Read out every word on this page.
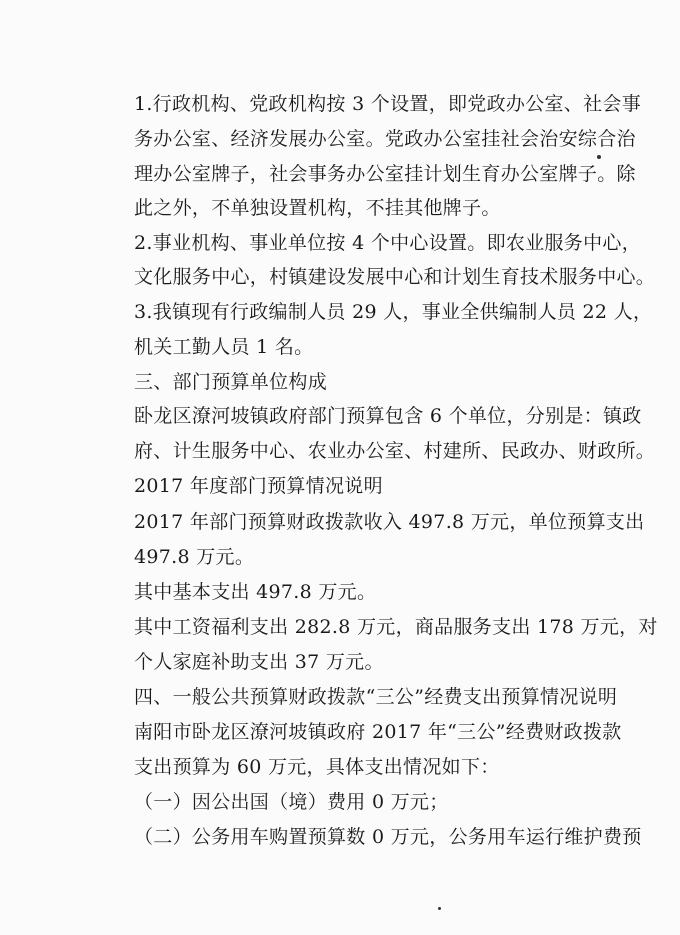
1.行政机构、党政机构按 3 个设置，即党政办公室、社会事
务办公室、经济发展办公室。党政办公室挂社会治安综合治
理办公室牌子，社会事务办公室挂计划生育办公室牌子。除
此之外，不单独设置机构，不挂其他牌子。
2.事业机构、事业单位按 4 个中心设置。即农业服务中心，
文化服务中心，村镇建设发展中心和计划生育技术服务中心。
3.我镇现有行政编制人员 29 人，事业全供编制人员 22 人，
机关工勤人员 1 名。
三、部门预算单位构成
卧龙区潦河坡镇政府部门预算包含 6 个单位，分别是：镇政
府、计生服务中心、农业办公室、村建所、民政办、财政所。
2017 年度部门预算情况说明
2017 年部门预算财政拨款收入 497.8 万元，单位预算支出
497.8 万元。
其中基本支出 497.8 万元。
其中工资福利支出 282.8 万元，商品服务支出 178 万元，对
个人家庭补助支出 37 万元。
四、一般公共预算财政拨款“三公”经费支出预算情况说明
南阳市卧龙区潦河坡镇政府 2017 年“三公”经费财政拨款
支出预算为 60 万元，具体支出情况如下：
（一）因公出国（境）费用 0 万元；
（二）公务用车购置预算数 0 万元，公务用车运行维护费预
